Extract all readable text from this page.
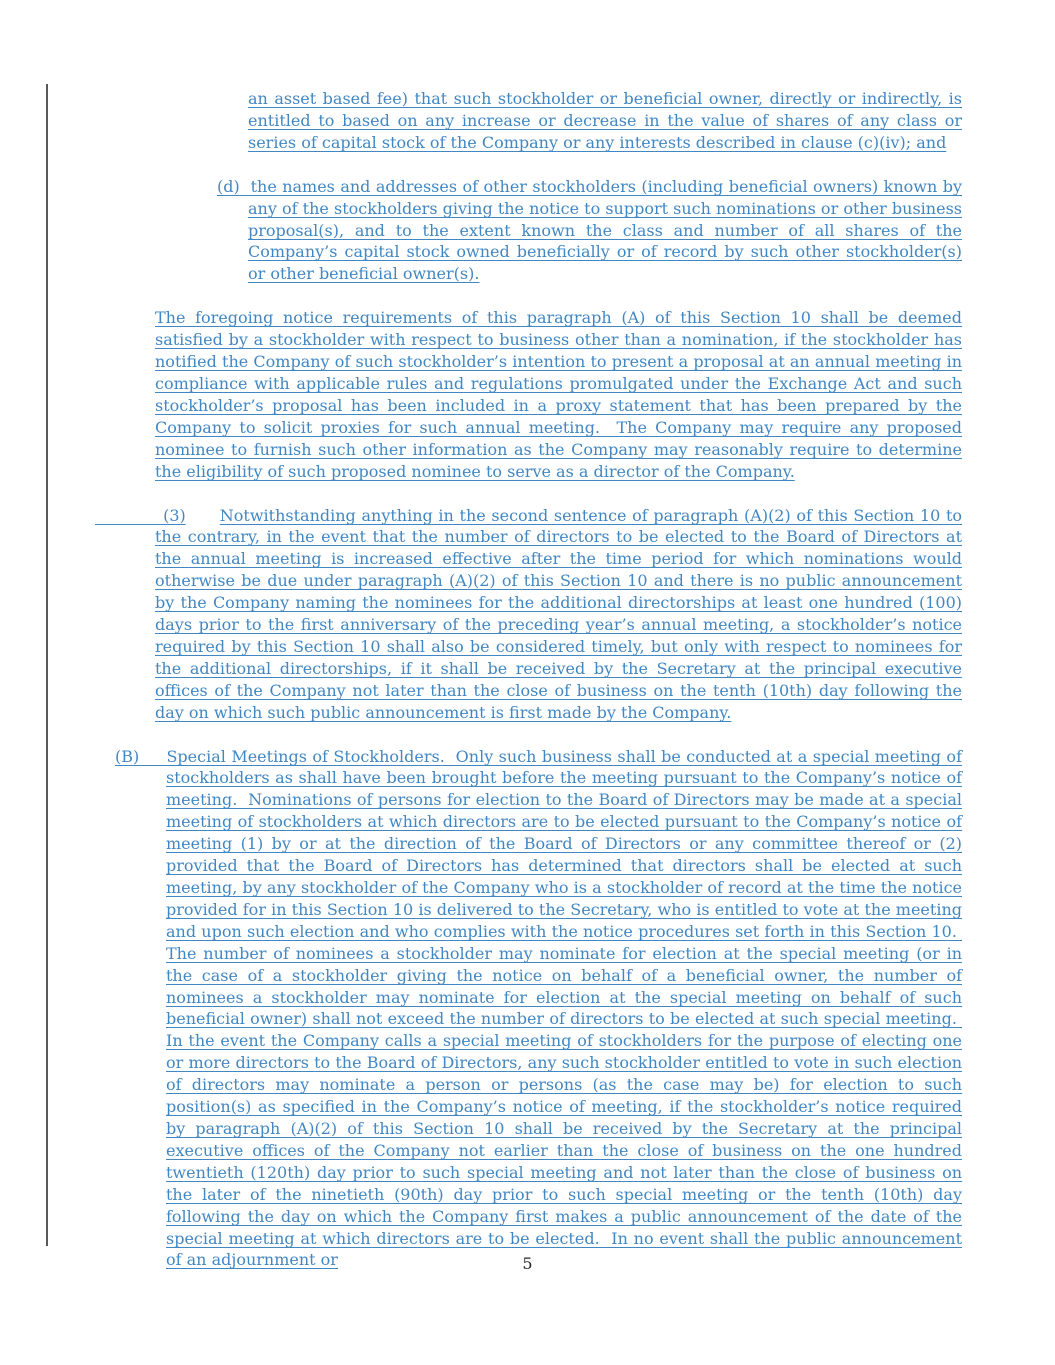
an asset based fee) that such stockholder or beneficial owner, directly or indirectly, is entitled to based on any increase or decrease in the value of shares of any class or series of capital stock of the Company or any interests described in clause (c)(iv); and

(d) the names and addresses of other stockholders (including beneficial owners) known by any of the stockholders giving the notice to support such nominations or other business proposal(s), and to the extent known the class and number of all shares of the Company’s capital stock owned beneficially or of record by such other stockholder(s) or other beneficial owner(s).

The foregoing notice requirements of this paragraph (A) of this Section 10 shall be deemed satisfied by a stockholder with respect to business other than a nomination, if the stockholder has notified the Company of such stockholder’s intention to present a proposal at an annual meeting in compliance with applicable rules and regulations promulgated under the Exchange Act and such stockholder’s proposal has been included in a proxy statement that has been prepared by the Company to solicit proxies for such annual meeting.  The Company may require any proposed nominee to furnish such other information as the Company may reasonably require to determine the eligibility of such proposed nominee to serve as a director of the Company.

(3) Notwithstanding anything in the second sentence of paragraph (A)(2) of this Section 10 to the contrary, in the event that the number of directors to be elected to the Board of Directors at the annual meeting is increased effective after the time period for which nominations would otherwise be due under paragraph (A)(2) of this Section 10 and there is no public announcement by the Company naming the nominees for the additional directorships at least one hundred (100) days prior to the first anniversary of the preceding year’s annual meeting, a stockholder’s notice required by this Section 10 shall also be considered timely, but only with respect to nominees for the additional directorships, if it shall be received by the Secretary at the principal executive offices of the Company not later than the close of business on the tenth (10th) day following the day on which such public announcement is first made by the Company.

(B) Special Meetings of Stockholders.  Only such business shall be conducted at a special meeting of stockholders as shall have been brought before the meeting pursuant to the Company’s notice of meeting.  Nominations of persons for election to the Board of Directors may be made at a special meeting of stockholders at which directors are to be elected pursuant to the Company’s notice of meeting (1) by or at the direction of the Board of Directors or any committee thereof or (2) provided that the Board of Directors has determined that directors shall be elected at such meeting, by any stockholder of the Company who is a stockholder of record at the time the notice provided for in this Section 10 is delivered to the Secretary, who is entitled to vote at the meeting and upon such election and who complies with the notice procedures set forth in this Section 10.  The number of nominees a stockholder may nominate for election at the special meeting (or in the case of a stockholder giving the notice on behalf of a beneficial owner, the number of nominees a stockholder may nominate for election at the special meeting on behalf of such beneficial owner) shall not exceed the number of directors to be elected at such special meeting.  In the event the Company calls a special meeting of stockholders for the purpose of electing one or more directors to the Board of Directors, any such stockholder entitled to vote in such election of directors may nominate a person or persons (as the case may be) for election to such position(s) as specified in the Company’s notice of meeting, if the stockholder’s notice required by paragraph (A)(2) of this Section 10 shall be received by the Secretary at the principal executive offices of the Company not earlier than the close of business on the one hundred twentieth (120th) day prior to such special meeting and not later than the close of business on the later of the ninetieth (90th) day prior to such special meeting or the tenth (10th) day following the day on which the Company first makes a public announcement of the date of the special meeting at which directors are to be elected.  In no event shall the public announcement of an adjournment or	5
